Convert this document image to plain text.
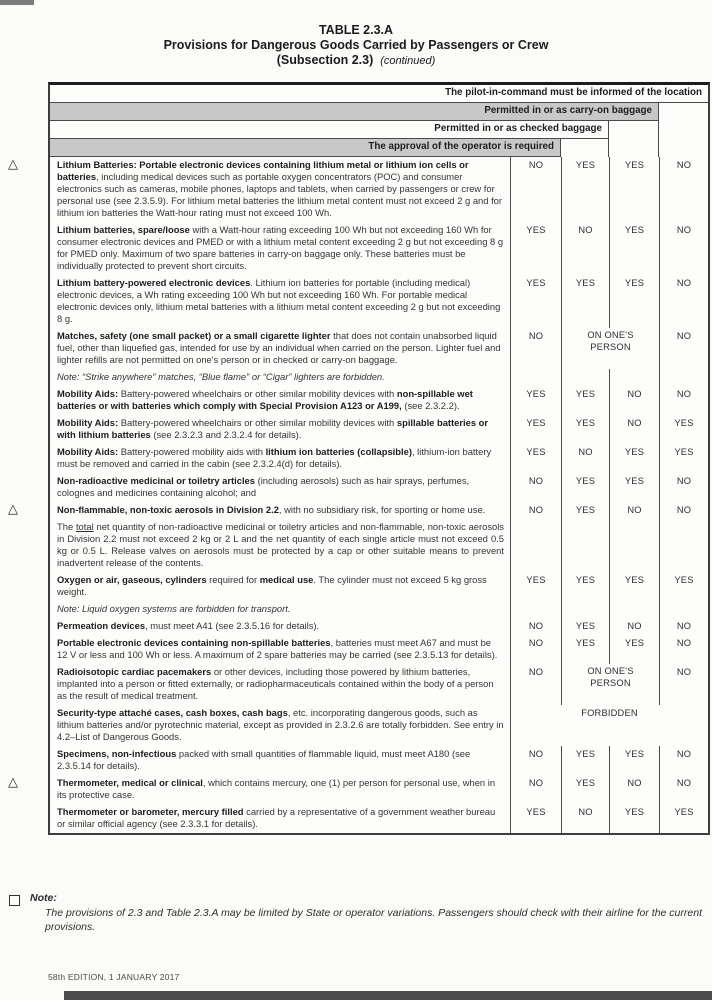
TABLE 2.3.A
Provisions for Dangerous Goods Carried by Passengers or Crew
(Subsection 2.3) (continued)
The pilot-in-command must be informed of the location
Permitted in or as carry-on baggage
Permitted in or as checked baggage
The approval of the operator is required
△	Lithium Batteries: Portable electronic devices containing lithium metal or lithium ion cells or batteries, including medical devices such as portable oxygen concentrators (POC) and consumer electronics such as cameras, mobile phones, laptops and tablets, when carried by passengers or crew for personal use (see 2.3.5.9). For lithium metal batteries the lithium metal content must not exceed 2 g and for lithium ion batteries the Watt-hour rating must not exceed 100 Wh.
NO	YES	YES	NO
Lithium batteries, spare/loose with a Watt-hour rating exceeding 100 Wh but not exceeding 160 Wh for consumer electronic devices and PMED or with a lithium metal content exceeding 2 g but not exceeding 8 g for PMED only. Maximum of two spare batteries in carry-on baggage only. These batteries must be individually protected to prevent short circuits.
YES	NO	YES	NO
Lithium battery-powered electronic devices. Lithium ion batteries for portable (including medical) electronic devices, a Wh rating exceeding 100 Wh but not exceeding 160 Wh. For portable medical electronic devices only, lithium metal batteries with a lithium metal content exceeding 2 g but not exceeding 8 g.
YES	YES	YES	NO
Matches, safety (one small packet) or a small cigarette lighter that does not contain unabsorbed liquid fuel, other than liquefied gas, intended for use by an individual when carried on the person. Lighter fuel and lighter refills are not permitted on one's person or in checked or carry-on baggage.
NO	ON ONE'S PERSON
NO
Note: “Strike anywhere” matches, “Blue flame” or “Cigar” lighters are forbidden.
Mobility Aids: Battery-powered wheelchairs or other similar mobility devices with non-spillable wet batteries or with batteries which comply with Special Provision A123 or A199, (see 2.3.2.2).
YES	YES	NO	NO
Mobility Aids: Battery-powered wheelchairs or other similar mobility devices with spillable batteries or with lithium batteries (see 2.3.2.3 and 2.3.2.4 for details).
YES	YES	NO	YES
Mobility Aids: Battery-powered mobility aids with lithium ion batteries (collapsible), lithium-ion battery must be removed and carried in the cabin (see 2.3.2.4(d) for details).
YES	NO	YES	YES
Non-radioactive medicinal or toiletry articles (including aerosols) such as hair sprays, perfumes, colognes and medicines containing alcohol; and
NO	YES	YES	NO
△	Non-flammable, non-toxic aerosols in Division 2.2, with no subsidiary risk, for sporting or home use.	NO	YES	NO	NO
The total net quantity of non-radioactive medicinal or toiletry articles and non-flammable, non-toxic aerosols in Division 2.2 must not exceed 2 kg or 2 L and the net quantity of each single article must not exceed 0.5 kg or 0.5 L. Release valves on aerosols must be protected by a cap or other suitable means to prevent inadvertent release of the contents.
Oxygen or air, gaseous, cylinders required for medical use. The cylinder must not exceed 5 kg gross weight.
YES	YES	YES	YES
Note: Liquid oxygen systems are forbidden for transport.
Permeation devices, must meet A41 (see 2.3.5.16 for details).	NO	YES	NO	NO
Portable electronic devices containing non-spillable batteries, batteries must meet A67 and must be 12 V or less and 100 Wh or less. A maximum of 2 spare batteries may be carried (see 2.3.5.13 for details).
NO	YES	YES	NO
Radioisotopic cardiac pacemakers or other devices, including those powered by lithium batteries, implanted into a person or fitted externally, or radiopharmaceuticals contained within the body of a person as the result of medical treatment.
NO	ON ONE'S PERSON
NO
Security-type attaché cases, cash boxes, cash bags, etc. incorporating dangerous goods, such as lithium batteries and/or pyrotechnic material, except as provided in 2.3.2.6 are totally forbidden. See entry in 4.2–List of Dangerous Goods.
FORBIDDEN
Specimens, non-infectious packed with small quantities of flammable liquid, must meet A180 (see 2.3.5.14 for details).
NO	YES	YES	NO
△	Thermometer, medical or clinical, which contains mercury, one (1) per person for personal use, when in its protective case.
NO	YES	NO	NO
Thermometer or barometer, mercury filled carried by a representative of a government weather bureau or similar official agency (see 2.3.3.1 for details).
YES	NO	YES	YES
Note:
The provisions of 2.3 and Table 2.3.A may be limited by State or operator variations. Passengers should check with their airline for the current provisions.
58th EDITION, 1 JANUARY 2017
